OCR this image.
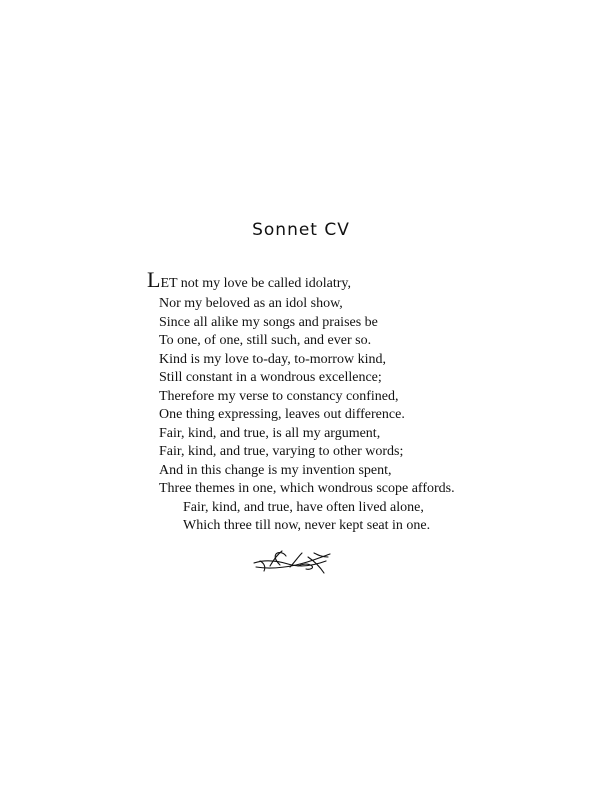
Sonnet CV
LET not my love be called idolatry,
Nor my beloved as an idol show,
Since all alike my songs and praises be
To one, of one, still such, and ever so.
Kind is my love to-day, to-morrow kind,
Still constant in a wondrous excellence;
Therefore my verse to constancy confined,
One thing expressing, leaves out difference.
Fair, kind, and true, is all my argument,
Fair, kind, and true, varying to other words;
And in this change is my invention spent,
Three themes in one, which wondrous scope affords.
Fair, kind, and true, have often lived alone,
Which three till now, never kept seat in one.
